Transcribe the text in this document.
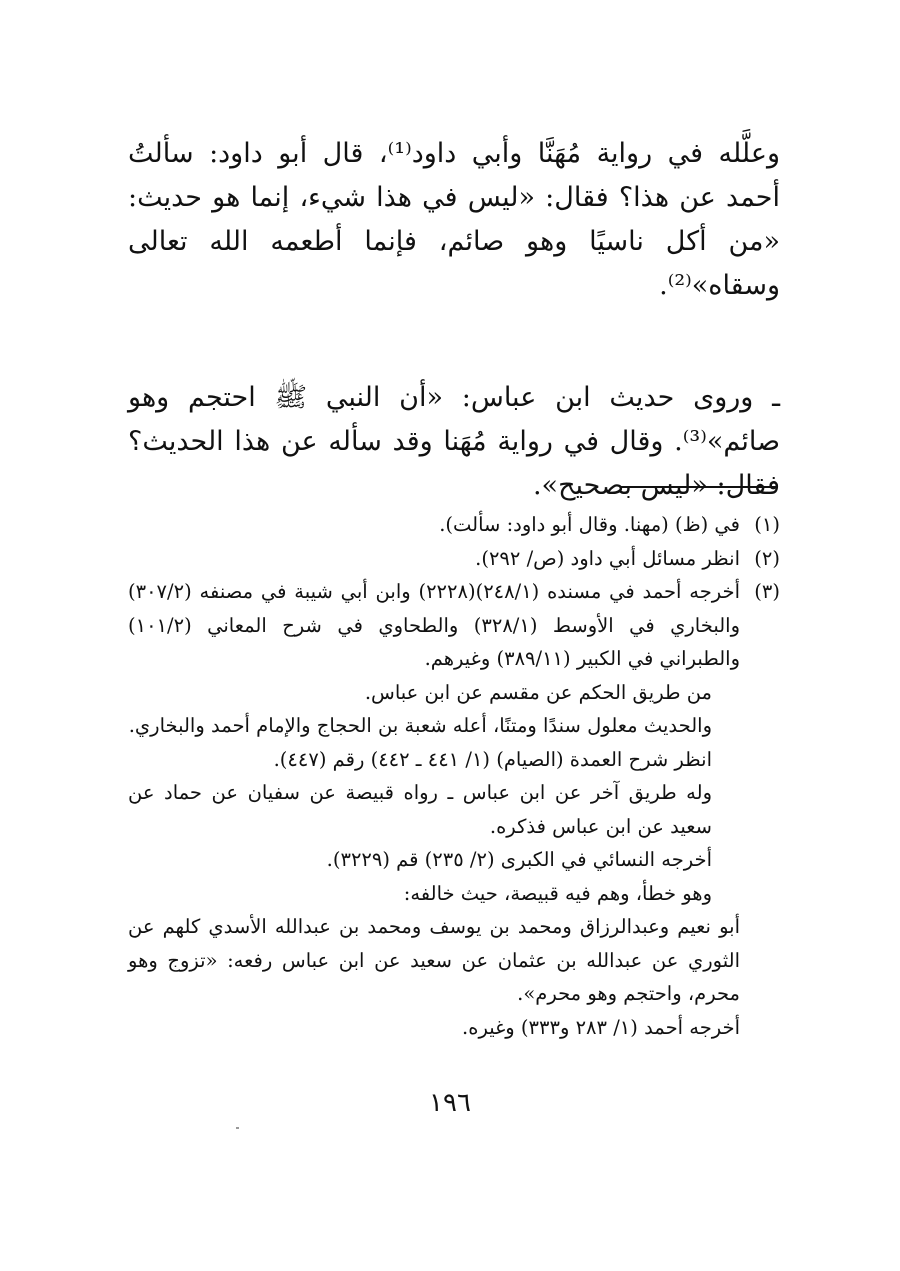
وعلَّله في رواية مُهَنَّا وأبي داود⁽¹⁾، قال أبو داود: سألتُ أحمد عن هذا؟ فقال: «ليس في هذا شيء، إنما هو حديث: «من أكل ناسيًا وهو صائم، فإنما أطعمه الله تعالى وسقاه»⁽²⁾.

ـ وروى حديث ابن عباس: «أن النبي ﷺ احتجم وهو صائم»⁽³⁾. وقال في رواية مُهَنا وقد سأله عن هذا الحديث؟ فقال: «ليس بصحيح».

(١)

في (ظ) (مهنا. وقال أبو داود: سألت).

(٢)

انظر مسائل أبي داود (ص/ ٢٩٢).

(٣)

أخرجه أحمد في مسنده (٢٤٨/١)(٢٢٢٨) وابن أبي شيبة في مصنفه (٣٠٧/٢) والبخاري في الأوسط (٣٢٨/١) والطحاوي في شرح المعاني (١٠١/٢) والطبراني في الكبير (٣٨٩/١١) وغيرهم.

من طريق الحكم عن مقسم عن ابن عباس.

والحديث معلول سندًا ومتنًا، أعله شعبة بن الحجاج والإمام أحمد والبخاري.

انظر شرح العمدة (الصيام) (١/ ٤٤١ ـ ٤٤٢) رقم (٤٤٧).

وله طريق آخر عن ابن عباس ـ رواه قبيصة عن سفيان عن حماد عن سعيد عن ابن عباس فذكره.

أخرجه النسائي في الكبرى (٢/ ٢٣٥) قم (٣٢٢٩).

وهو خطأ، وهم فيه قبيصة، حيث خالفه:

أبو نعيم وعبدالرزاق ومحمد بن يوسف ومحمد بن عبدالله الأسدي كلهم عن الثوري عن عبدالله بن عثمان عن سعيد عن ابن عباس رفعه: «تزوج وهو محرم، واحتجم وهو محرم».

أخرجه أحمد (١/ ٢٨٣ و٣٣٣) وغيره.

١٩٦
